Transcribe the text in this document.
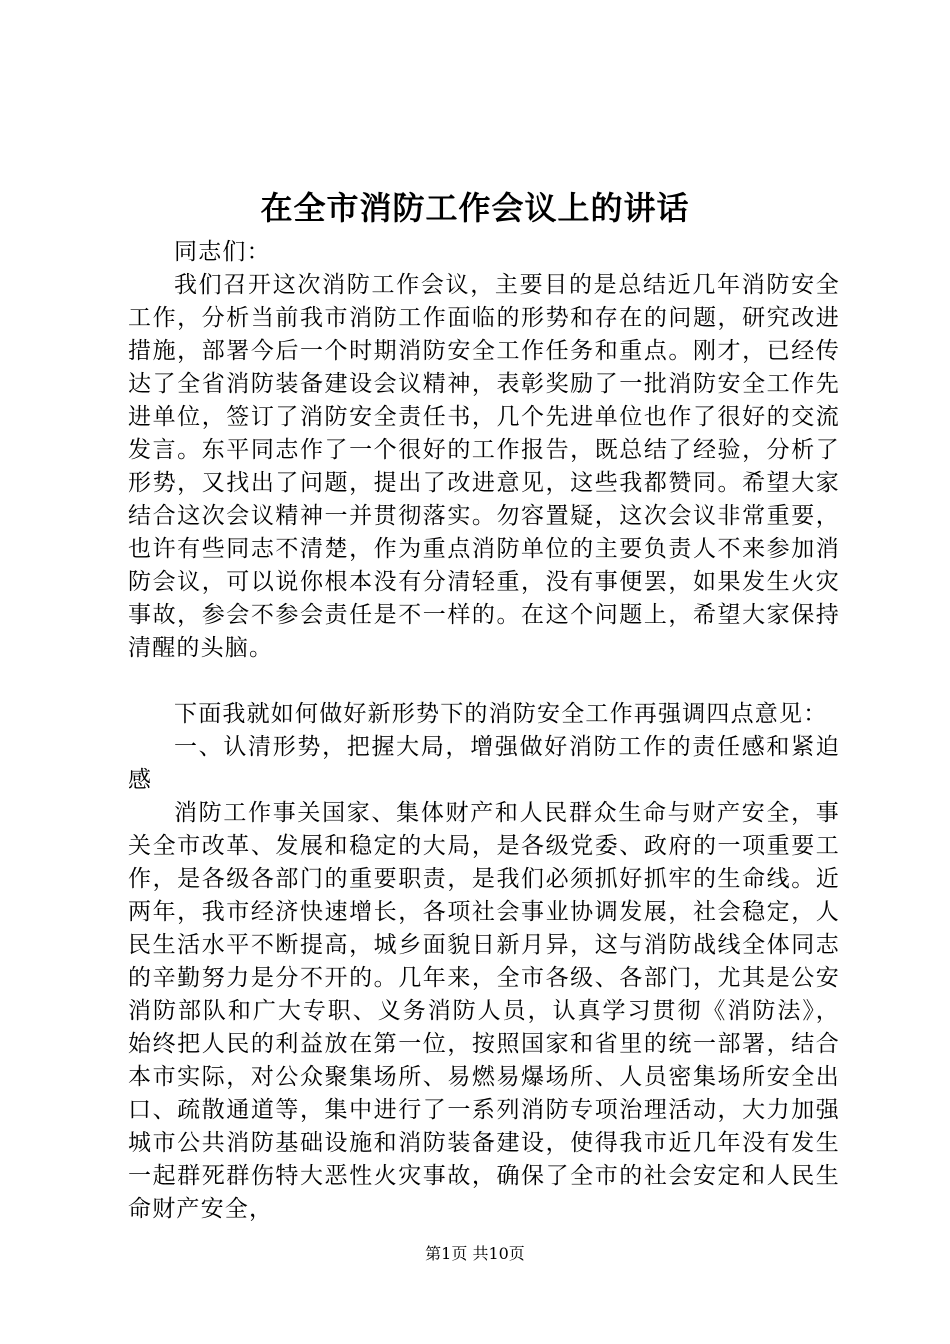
在全市消防工作会议上的讲话

同志们：

我们召开这次消防工作会议，主要目的是总结近几年消防安全工作，分析当前我市消防工作面临的形势和存在的问题，研究改进措施，部署今后一个时期消防安全工作任务和重点。刚才，已经传达了全省消防装备建设会议精神，表彰奖励了一批消防安全工作先进单位，签订了消防安全责任书，几个先进单位也作了很好的交流发言。东平同志作了一个很好的工作报告，既总结了经验，分析了形势，又找出了问题，提出了改进意见，这些我都赞同。希望大家结合这次会议精神一并贯彻落实。勿容置疑，这次会议非常重要，也许有些同志不清楚，作为重点消防单位的主要负责人不来参加消防会议，可以说你根本没有分清轻重，没有事便罢，如果发生火灾事故，参会不参会责任是不一样的。在这个问题上，希望大家保持清醒的头脑。

下面我就如何做好新形势下的消防安全工作再强调四点意见：

一、认清形势，把握大局，增强做好消防工作的责任感和紧迫感

消防工作事关国家、集体财产和人民群众生命与财产安全，事关全市改革、发展和稳定的大局，是各级党委、政府的一项重要工作，是各级各部门的重要职责，是我们必须抓好抓牢的生命线。近两年，我市经济快速增长，各项社会事业协调发展，社会稳定，人民生活水平不断提高，城乡面貌日新月异，这与消防战线全体同志的辛勤努力是分不开的。几年来，全市各级、各部门，尤其是公安消防部队和广大专职、义务消防人员，认真学习贯彻《消防法》，始终把人民的利益放在第一位，按照国家和省里的统一部署，结合本市实际，对公众聚集场所、易燃易爆场所、人员密集场所安全出口、疏散通道等，集中进行了一系列消防专项治理活动，大力加强城市公共消防基础设施和消防装备建设，使得我市近几年没有发生一起群死群伤特大恶性火灾事故，确保了全市的社会安定和人民生命财产安全，

第1页 共10页
